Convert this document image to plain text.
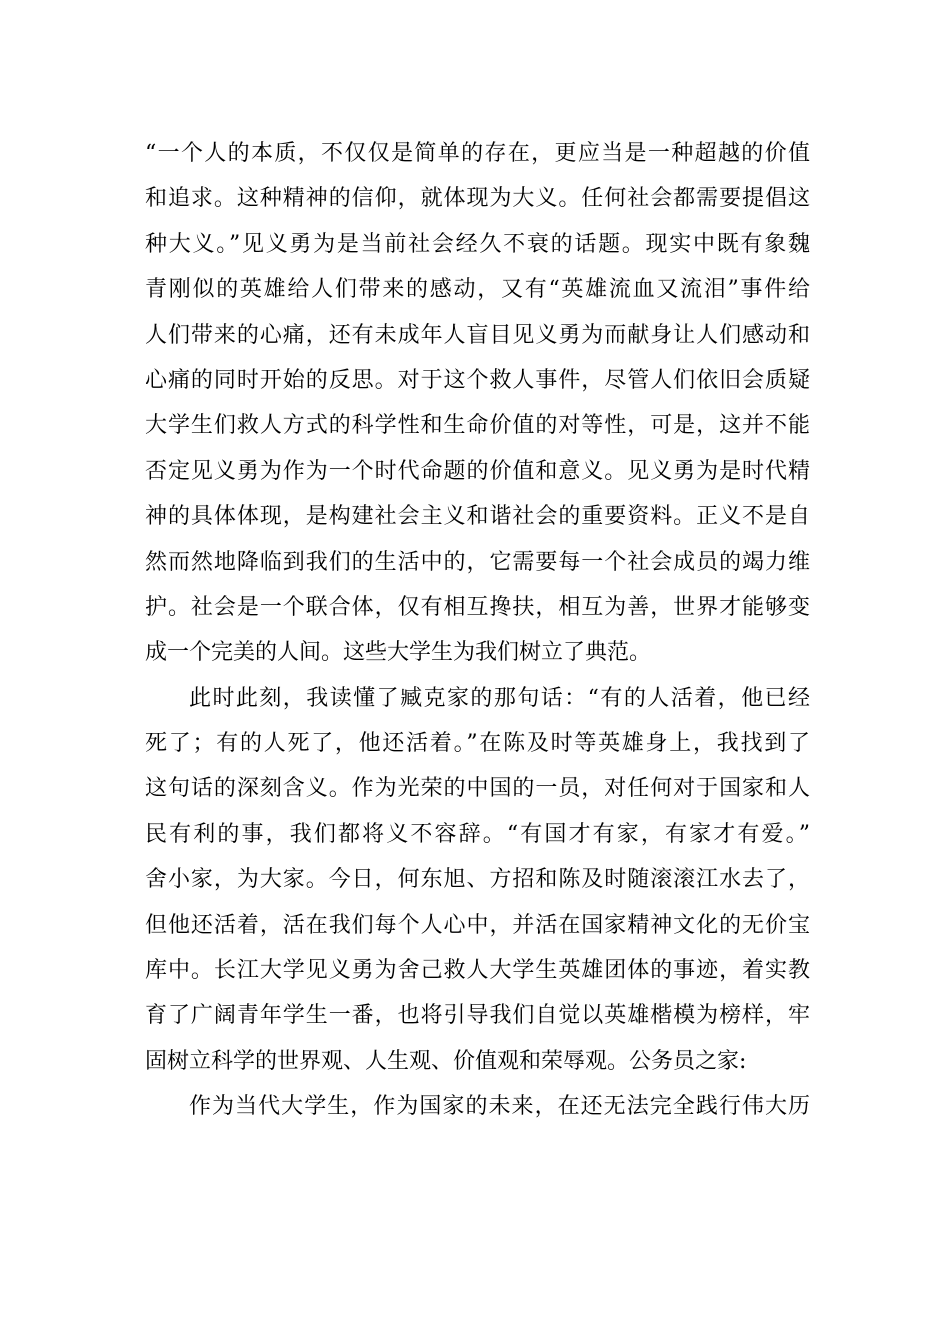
“一个人的本质，不仅仅是简单的存在，更应当是一种超越的价值
和追求。这种精神的信仰，就体现为大义。任何社会都需要提倡这
种大义。”见义勇为是当前社会经久不衰的话题。现实中既有象魏
青刚似的英雄给人们带来的感动，又有“英雄流血又流泪”事件给
人们带来的心痛，还有未成年人盲目见义勇为而献身让人们感动和
心痛的同时开始的反思。对于这个救人事件，尽管人们依旧会质疑
大学生们救人方式的科学性和生命价值的对等性，可是，这并不能
否定见义勇为作为一个时代命题的价值和意义。见义勇为是时代精
神的具体体现，是构建社会主义和谐社会的重要资料。正义不是自
然而然地降临到我们的生活中的，它需要每一个社会成员的竭力维
护。社会是一个联合体，仅有相互搀扶，相互为善，世界才能够变
成一个完美的人间。这些大学生为我们树立了典范。
此时此刻，我读懂了臧克家的那句话：“有的人活着，他已经
死了；有的人死了，他还活着。”在陈及时等英雄身上，我找到了
这句话的深刻含义。作为光荣的中国的一员，对任何对于国家和人
民有利的事，我们都将义不容辞。“有国才有家，有家才有爱。”
舍小家，为大家。今日，何东旭、方招和陈及时随滚滚江水去了，
但他还活着，活在我们每个人心中，并活在国家精神文化的无价宝
库中。长江大学见义勇为舍己救人大学生英雄团体的事迹，着实教
育了广阔青年学生一番，也将引导我们自觉以英雄楷模为榜样，牢
固树立科学的世界观、人生观、价值观和荣辱观。公务员之家:
作为当代大学生，作为国家的未来，在还无法完全践行伟大历
